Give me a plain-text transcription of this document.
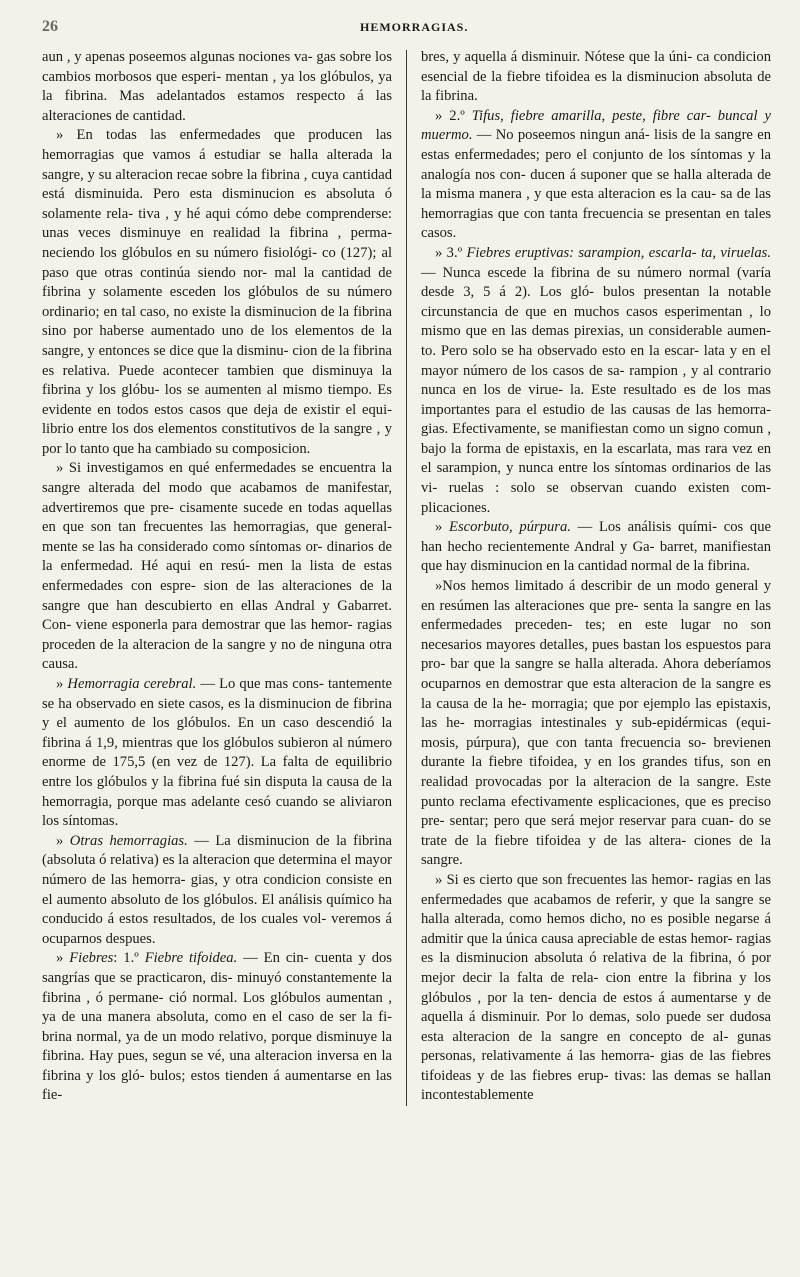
26	HEMORRAGIAS.

aun , y apenas poseemos algunas nociones va- gas sobre los cambios morbosos que esperi- mentan , ya los glóbulos, ya la fibrina. Mas adelantados estamos respecto á las alteraciones de cantidad.

» En todas las enfermedades que producen las hemorragias que vamos á estudiar se halla alterada la sangre, y su alteracion recae sobre la fibrina , cuya cantidad está disminuida. Pero esta disminucion es absoluta ó solamente rela- tiva , y hé aqui cómo debe comprenderse: unas veces disminuye en realidad la fibrina , perma- neciendo los glóbulos en su número fisiológi- co (127); al paso que otras continúa siendo nor- mal la cantidad de fibrina y solamente esceden los glóbulos de su número ordinario; en tal caso, no existe la disminucion de la fibrina sino por haberse aumentado uno de los elementos de la sangre, y entonces se dice que la disminu- cion de la fibrina es relativa. Puede acontecer tambien que disminuya la fibrina y los glóbu- los se aumenten al mismo tiempo. Es evidente en todos estos casos que deja de existir el equi- librio entre los dos elementos constitutivos de la sangre , y por lo tanto que ha cambiado su composicion.

» Si investigamos en qué enfermedades se encuentra la sangre alterada del modo que acabamos de manifestar, advertiremos que pre- cisamente sucede en todas aquellas en que son tan frecuentes las hemorragias, que general- mente se las ha considerado como síntomas or- dinarios de la enfermedad. Hé aqui en resú- men la lista de estas enfermedades con espre- sion de las alteraciones de la sangre que han descubierto en ellas Andral y Gabarret. Con- viene esponerla para demostrar que las hemor- ragias proceden de la alteracion de la sangre y no de ninguna otra causa.

» Hemorragia cerebral. — Lo que mas cons- tantemente se ha observado en siete casos, es la disminucion de fibrina y el aumento de los glóbulos. En un caso descendió la fibrina á 1,9, mientras que los glóbulos subieron al número enorme de 175,5 (en vez de 127). La falta de equilibrio entre los glóbulos y la fibrina fué sin disputa la causa de la hemorragia, porque mas adelante cesó cuando se aliviaron los síntomas.

» Otras hemorragias. — La disminucion de la fibrina (absoluta ó relativa) es la alteracion que determina el mayor número de las hemorra- gias, y otra condicion consiste en el aumento absoluto de los glóbulos. El análisis químico ha conducido á estos resultados, de los cuales vol- veremos á ocuparnos despues.

» Fiebres: 1.º Fiebre tifoidea. — En cin- cuenta y dos sangrías que se practicaron, dis- minuyó constantemente la fibrina , ó permane- ció normal. Los glóbulos aumentan , ya de una manera absoluta, como en el caso de ser la fi- brina normal, ya de un modo relativo, porque disminuye la fibrina. Hay pues, segun se vé, una alteracion inversa en la fibrina y los gló- bulos; estos tienden á aumentarse en las fie-

bres, y aquella á disminuir. Nótese que la úni- ca condicion esencial de la fiebre tifoidea es la disminucion absoluta de la fibrina.

» 2.º Tifus, fiebre amarilla, peste, fibre car- buncal y muermo. — No poseemos ningun aná- lisis de la sangre en estas enfermedades; pero el conjunto de los síntomas y la analogía nos con- ducen á suponer que se halla alterada de la misma manera , y que esta alteracion es la cau- sa de las hemorragias que con tanta frecuencia se presentan en tales casos.

» 3.º Fiebres eruptivas: sarampion, escarla- ta, viruelas. — Nunca escede la fibrina de su número normal (varía desde 3, 5 á 2). Los gló- bulos presentan la notable circunstancia de que en muchos casos esperimentan , lo mismo que en las demas pirexias, un considerable aumen- to. Pero solo se ha observado esto en la escar- lata y en el mayor número de los casos de sa- rampion , y al contrario nunca en los de virue- la. Este resultado es de los mas importantes para el estudio de las causas de las hemorra- gias. Efectivamente, se manifiestan como un signo comun , bajo la forma de epistaxis, en la escarlata, mas rara vez en el sarampion, y nunca entre los síntomas ordinarios de las vi- ruelas : solo se observan cuando existen com- plicaciones.

» Escorbuto, púrpura. — Los análisis quími- cos que han hecho recientemente Andral y Ga- barret, manifiestan que hay disminucion en la cantidad normal de la fibrina.

»Nos hemos limitado á describir de un modo general y en resúmen las alteraciones que pre- senta la sangre en las enfermedades preceden- tes; en este lugar no son necesarios mayores detalles, pues bastan los espuestos para pro- bar que la sangre se halla alterada. Ahora deberíamos ocuparnos en demostrar que esta alteracion de la sangre es la causa de la he- morragia; que por ejemplo las epistaxis, las he- morragias intestinales y sub-epidérmicas (equi- mosis, púrpura), que con tanta frecuencia so- brevienen durante la fiebre tifoidea, y en los grandes tifus, son en realidad provocadas por la alteracion de la sangre. Este punto reclama efectivamente esplicaciones, que es preciso pre- sentar; pero que será mejor reservar para cuan- do se trate de la fiebre tifoidea y de las altera- ciones de la sangre.

» Si es cierto que son frecuentes las hemor- ragias en las enfermedades que acabamos de referir, y que la sangre se halla alterada, como hemos dicho, no es posible negarse á admitir que la única causa apreciable de estas hemor- ragias es la disminucion absoluta ó relativa de la fibrina, ó por mejor decir la falta de rela- cion entre la fibrina y los glóbulos , por la ten- dencia de estos á aumentarse y de aquella á disminuir. Por lo demas, solo puede ser dudosa esta alteracion de la sangre en concepto de al- gunas personas, relativamente á las hemorra- gias de las fiebres tifoideas y de las fiebres erup- tivas: las demas se hallan incontestablemente
